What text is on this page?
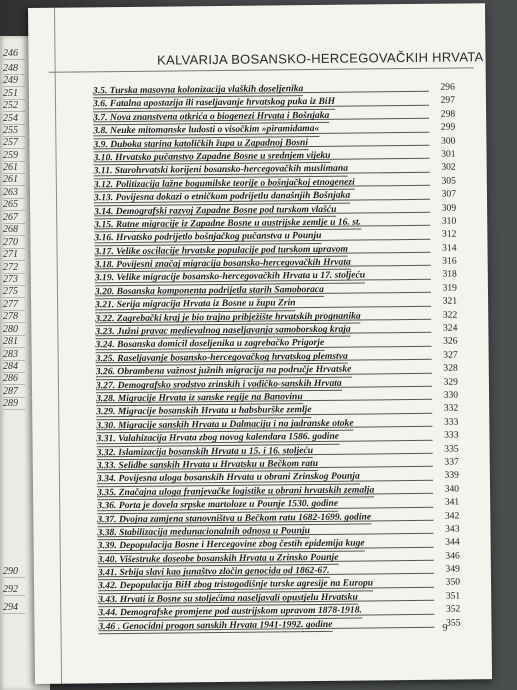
246
248
249
251
252
254
255
257
259
261
261
263
265
267
268
270
271
272
273
275
277
278
280
281
283
284
286
287
289
290
292
294
KALVARIJA BOSANSKO-HERCEGOVAČKIH HRVATA
3.5. Turska masovna kolonizacija vlaških doseljenika	296
3.6. Fatalna apostazija ili raseljavanje hrvatskog puka iz BiH	297
3.7. Nova znanstvena otkrića o biogenezi Hrvata i Bošnjaka	298
3.8. Neuke mitomanske ludosti o visočkim »piramidama«	299
3.9. Duboka starina katoličkih župa u Zapadnoj Bosni	300
3.10. Hrvatsko pučanstvo Zapadne Bosne u srednjem vijeku	301
3.11. Starohrvatski korijeni bosansko-hercegovačkih muslimana	302
3.12. Politizacija lažne bogumilske teorije o bošnjačkoj etnogenezi	305
3.13. Povijesna dokazi o etničkom podrijetlu današnjih Bošnjaka	307
3.14. Demografski razvoj Zapadne Bosne pod turskom vlašću	309
3.15. Ratne migracije iz Zapadne Bosne u austrijske zemlje u 16. st.	310
3.16. Hrvatsko podrijetlo bošnjačkog pučanstva u Pounju	312
3.17. Velike oscilacije hrvatske populacije pod turskom upravom	314
3.18. Povijesni značaj migracija bosansko-hercegovačkih Hrvata	316
3.19. Velike migracije bosansko-hercegovačkih Hrvata u 17. stoljeću	318
3.20. Bosanska komponenta podrijetla starih Samoboraca	319
3.21. Serija migracija Hrvata iz Bosne u župu Zrin	321
3.22. Zagrebački kraj je bio trajno pribježište hrvatskih prognanika	322
3.23. Južni pravac medievalnog naseljavanja samoborskog kraja	324
3.24. Bosanska domicil doseljenika u zagrebačko Prigorje	326
3.25. Raseljavanje bosansko-hercegovačkog hrvatskog plemstva	327
3.26. Obrambena važnost južnih migracija na područje Hrvatske	328
3.27. Demografsko srodstvo zrinskih i vodičko-sanskih Hrvata	329
3.28. Migracije Hrvata iz sanske regije na Banovinu	330
3.29. Migracije bosanskih Hrvata u habsburške zemlje	332
3.30. Migracije sanskih Hrvata u Dalmaciju i na jadranske otoke	333
3.31. Valahizacija Hrvata zbog novog kalendara 1586. godine	333
3.32. Islamizacija bosanskih Hrvata u 15. i 16. stoljeću	335
3.33. Selidbe sanskih Hrvata u Hrvatsku u Bečkom ratu	337
3.34. Povijesna uloga bosanskih Hrvata u obrani Zrinskog Pounja	339
3.35. Značajna uloga franjevačke logistike u obrani hrvatskih zemalja	340
3.36. Porta je dovela srpske martoloze u Pounje 1530. godine	341
3.37. Dvojna zamjena stanovništva u Bečkom ratu 1682-1699. godine	342
3.38. Stabilizacija medunacionalnih odnosa u Pounju	343
3.39. Depopulacija Bosne i Hercegovine zbog čestih epidemija kuge	344
3.40. Višestruke doseobe bosanskih Hrvata u Zrinsko Pounje	346
3.41. Srbija slavi kao junaštvo zločin genocida od 1862-67.	349
3.42. Depopulacija BiH zbog tristogodišnje turske agresije na Europu	350
3.43. Hrvati iz Bosne su stoljećima naseljavali opustjelu Hrvatsku	351
3.44. Demografske promjene pod austrijskom upravom 1878-1918.	352
3.46 . Genocidni progon sanskih Hrvata 1941-1992. godine	355
9
